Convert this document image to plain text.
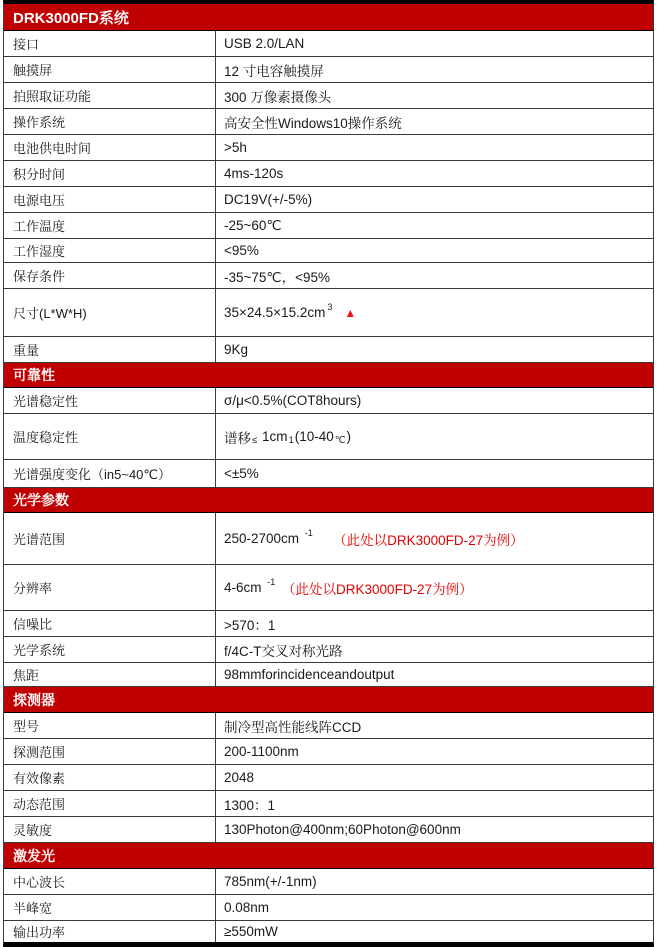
DRK3000FD系统
接口	USB 2.0/LAN
触摸屏	12 寸电容触摸屏
拍照取证功能	300 万像素摄像头
操作系统	高安全性Windows10操作系统
电池供电时间	>5h
积分时间	4ms-120s
电源电压	DC19V(+/-5%)
工作温度	-25~60℃
工作湿度	<95%
保存条件	-35~75℃，<95%
尺寸(L*W*H)	35×24.5×15.2cm 3 ▲
重量	9Kg
可靠性
光谱稳定性	σ/μ<0.5%(COT8hours)
温度稳定性	谱移 ≤ 1cm 1 (10-40 ℃ )
光谱强度变化（in5~40℃）	<±5%
光学参数
光谱范围	250-2700cm -1 　　（此处以DRK3000FD-27为例）
分辨率	4-6cm -1 　（此处以DRK3000FD-27为例）
信噪比	>570：1
光学系统	f/4C-T交叉对称光路
焦距	98mmforincidenceandoutput
探测器
型号	制冷型高性能线阵CCD
探测范围	200-1100nm
有效像素	2048
动态范围	1300：1
灵敏度	130Photon@400nm;60Photon@600nm
激发光
中心波长	785nm(+/-1nm)
半峰宽	0.08nm
输出功率	≥550mW
